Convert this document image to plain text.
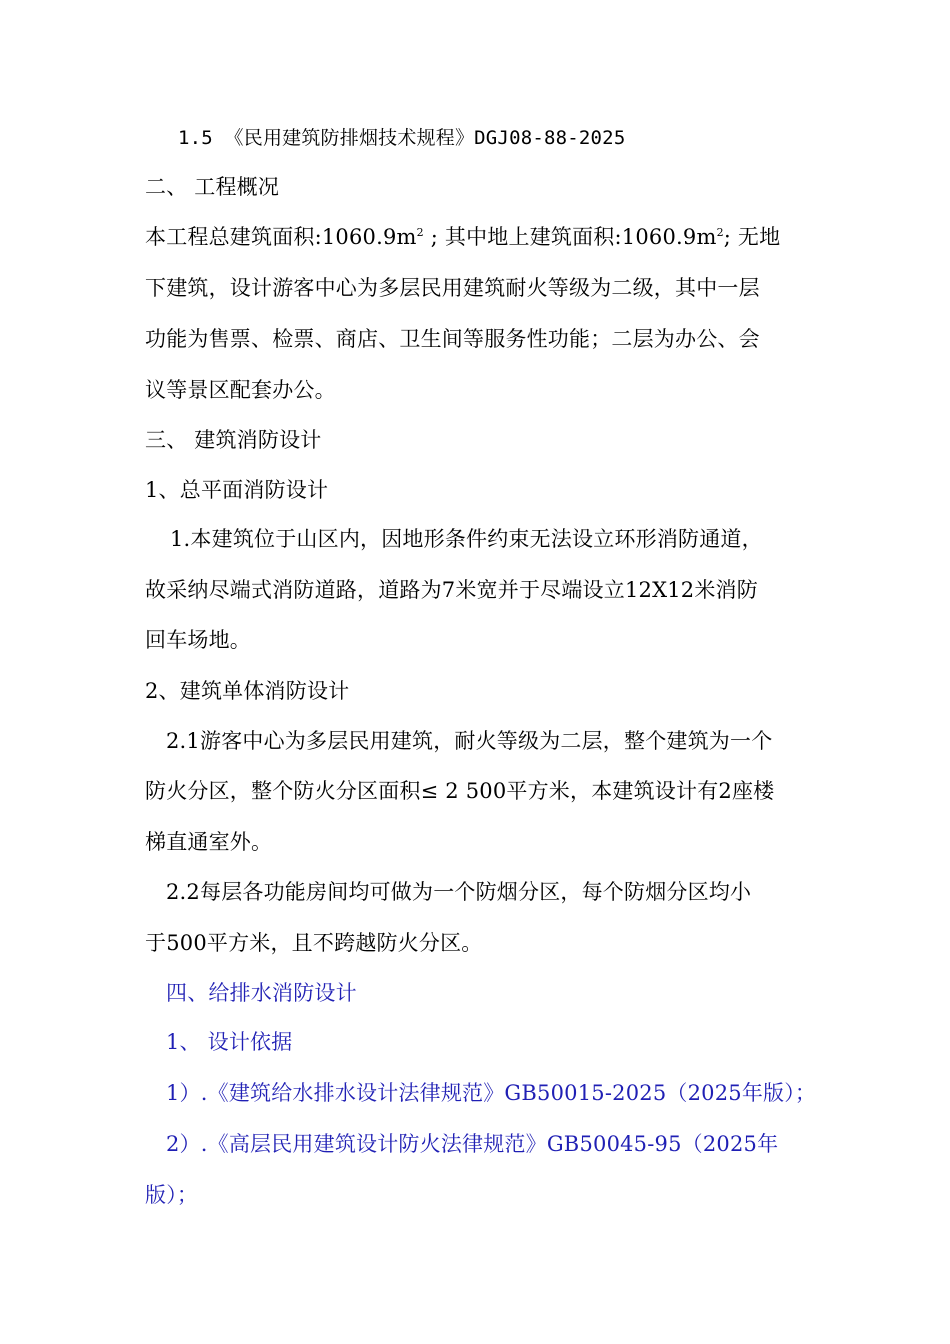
1.5 《民用建筑防排烟技术规程》DGJ08-88-2025
二、 工程概况
本工程总建筑面积$:1060.9m^2$ ; 其中地上建筑面积$:1060.9m^2$; 无地
下建筑，设计游客中心为多层民用建筑耐火等级为二级，其中一层
功能为售票、检票、商店、卫生间等服务性功能；二层为办公、会
议等景区配套办公。
三、 建筑消防设计
1、总平面消防设计
1.本建筑位于山区内，因地形条件约束无法设立环形消防通道，
故采纳尽端式消防道路，道路为7米宽并于尽端设立12X12米消防
回车场地。
2、建筑单体消防设计
2.1游客中心为多层民用建筑，耐火等级为二层，整个建筑为一个
防火分区，整个防火分区面积≤ 2 500平方米，本建筑设计有2座楼
梯直通室外。
2.2每层各功能房间均可做为一个防烟分区，每个防烟分区均小
于500平方米，且不跨越防火分区。
四、给排水消防设计
1、 设计依据
1）.《建筑给水排水设计法律规范》GB50015-2025（2025年版）；
2）.《高层民用建筑设计防火法律规范》GB50045-95（2025年
版）；
